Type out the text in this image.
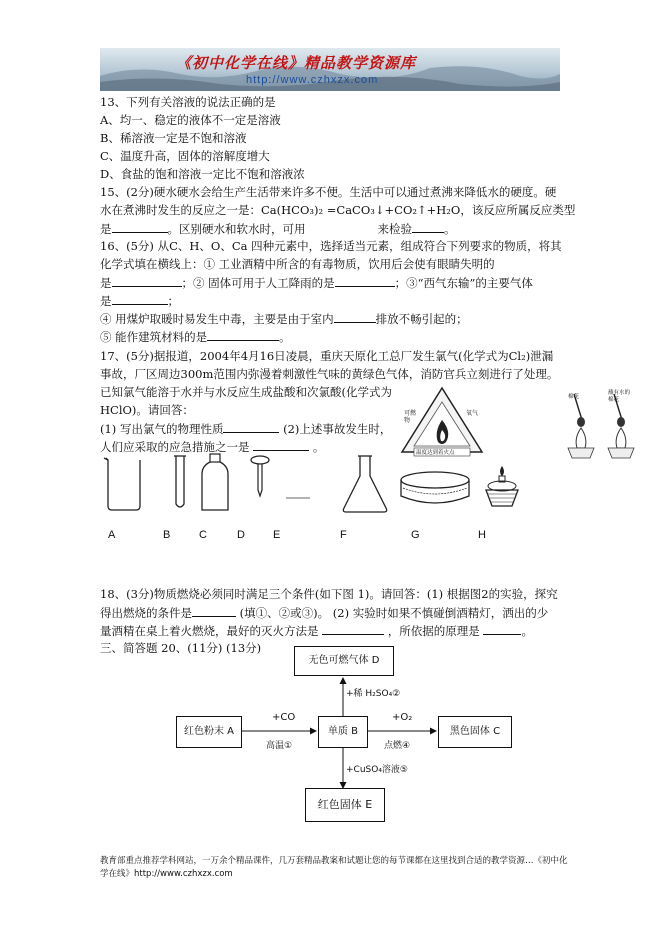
《初中化学在线》精品教学资源库
http://www.czhxzx.com
13、下列有关溶液的说法正确的是
A、均一、稳定的液体不一定是溶液
B、稀溶液一定是不饱和溶液
C、温度升高，固体的溶解度增大
D、食盐的饱和溶液一定比不饱和溶液浓
15、(2分)硬水硬水会给生产生活带来许多不便。生活中可以通过煮沸来降低水的硬度。硬
水在煮沸时发生的反应之一是：Ca(HCO₃)₂ =CaCO₃↓+CO₂↑+H₂O，该反应所属反应类型
是	。区别硬水和软水时，可用	来检验	。
16、(5分) 从C、H、O、Ca 四种元素中，选择适当元素，组成符合下列要求的物质，将其
化学式填在横线上：① 工业酒精中所含的有毒物质，饮用后会使有眼睛失明的
是	；② 固体可用于人工降雨的是	；③“西气东输”的主要气体
是	；
④ 用煤炉取暖时易发生中毒，主要是由于室内	排放不畅引起的；
⑤ 能作建筑材料的是	。
17、(5分)据报道，2004年4月16日凌晨，重庆天原化工总厂发生氯气(化学式为Cl₂)泄漏
事故，厂区周边300m范围内弥漫着刺激性气味的黄绿色气体，消防官兵立刻进行了处理。
已知氯气能溶于水并与水反应生成盐酸和次氯酸(化学式为
HClO)。请回答：
(1) 写出氯气的物理性质	(2)上述事故发生时，
人们应采取的应急措施之一是	。
可燃物
氧气
温度达到着火点
棉花
蘸有水的棉花
A	B	C	D	E	F	G	H
18、(3分)物质燃烧必须同时满足三个条件(如下图 1)。请回答：(1) 根据图2的实验，探究
得出燃烧的条件是	(填①、②或③)。 (2) 实验时如果不慎碰倒酒精灯，洒出的少
量酒精在桌上着火燃烧，最好的灭火方法是	，所依据的原理是	。
三、简答题 20、(11分) (13分)
无色可燃气体 D
红色粉末 A	单质 B	黑色固体 C
红色固体 E
+稀 H₂SO₄②
+CO
高温①
+O₂
点燃④
+CuSO₄溶液⑤
教育部重点推荐学科网站，一万余个精品课件，几万套精品教案和试题让您的每节课都在这里找到合适的教学资源…《初中化学在线》http://www.czhxzx.com
